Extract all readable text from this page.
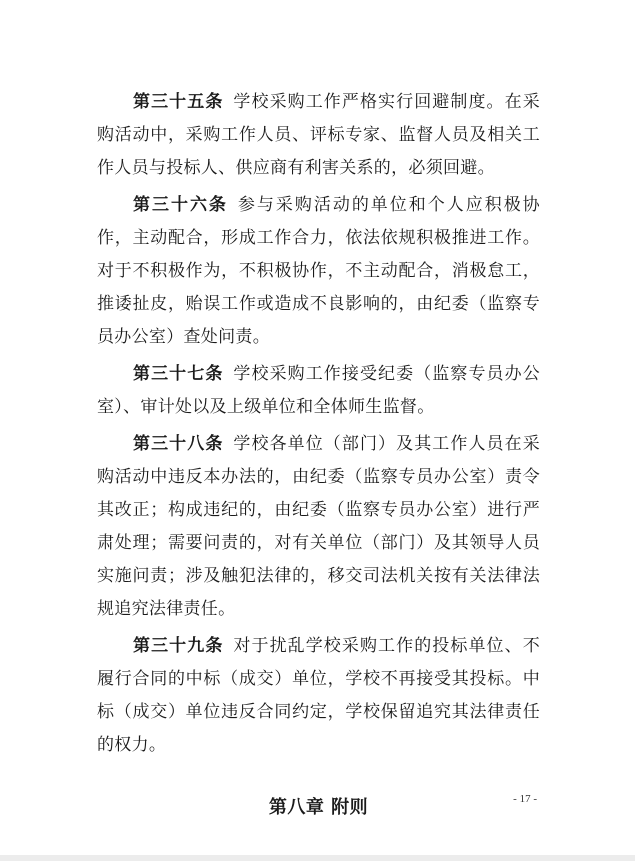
第三十五条 学校采购工作严格实行回避制度。在采购活动中，采购工作人员、评标专家、监督人员及相关工作人员与投标人、供应商有利害关系的，必须回避。

第三十六条 参与采购活动的单位和个人应积极协作，主动配合，形成工作合力，依法依规积极推进工作。对于不积极作为，不积极协作，不主动配合，消极怠工，推诿扯皮，贻误工作或造成不良影响的，由纪委（监察专员办公室）查处问责。

第三十七条 学校采购工作接受纪委（监察专员办公室）、审计处以及上级单位和全体师生监督。

第三十八条 学校各单位（部门）及其工作人员在采购活动中违反本办法的，由纪委（监察专员办公室）责令其改正；构成违纪的，由纪委（监察专员办公室）进行严肃处理；需要问责的，对有关单位（部门）及其领导人员实施问责；涉及触犯法律的，移交司法机关按有关法律法规追究法律责任。

第三十九条 对于扰乱学校采购工作的投标单位、不履行合同的中标（成交）单位，学校不再接受其投标。中标（成交）单位违反合同约定，学校保留追究其法律责任的权力。

第八章 附则	- 17 -
